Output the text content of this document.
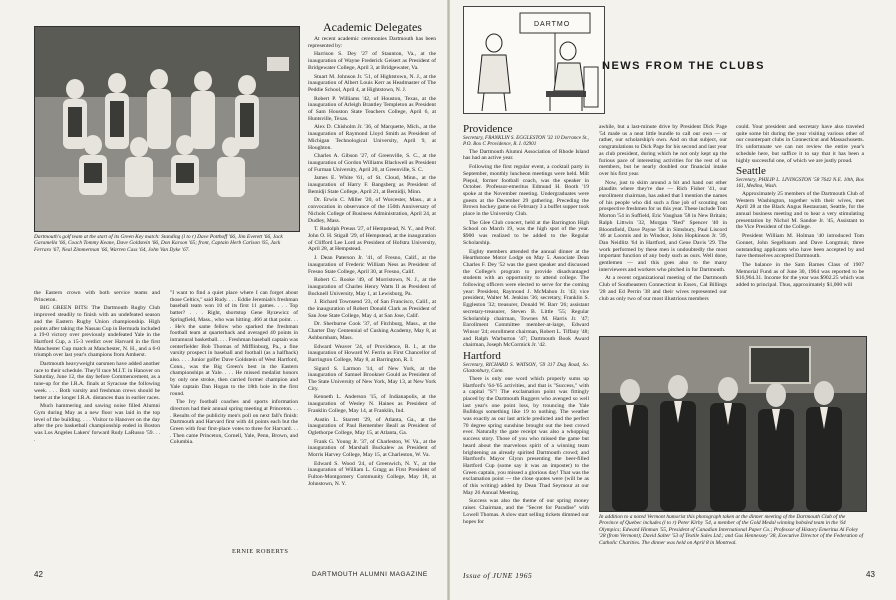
Dartmouth's golf team at the start of its Green Key match: Standing (l to r) Dave Potthoff '66, Jim Everett '66, Jack Garamella '66, Coach Tommy Keane, Dave Goldstein '66, Don Karson '65; front, Captain Herb Carlson '65, Jack Ferraro '67, Neal Zimmerman '66, Warren Cass '64, John Van Dyke '67.

the Eastern crown with both service teams and Princeton.

BIG GREEN BITS: The Dartmouth Rugby Club improved steadily to finish with an undefeated season and the Eastern Rugby Union championship. High points after taking the Nassau Cup in Bermuda included a 19-0 victory over previously undefeated Yale in the Hartford Cup, a 15-3 verdict over Harvard in the first Manchester Cup match at Manchester, N. H., and a 6-0 triumph over last year's champions from Amherst.

Dartmouth heavyweight oarsmen have added another race to their schedule. They'll race M.I.T. in Hanover on Saturday, June 12, the day before Commencement, as a tune-up for the I.R.A. finals at Syracuse the following week. . . . Both varsity and freshman crews should be better at the longer I.R.A. distances than in earlier races.

Much hammering and sawing noise filled Alumni Gym during May as a new floor was laid in the top level of the building. . . . Visitor to Hanover on the day after the pro basketball championship ended in Boston was Los Angeles Lakers' forward Rudy LaRusso '59. . . .

"I want to find a quiet place where I can forget about those Celtics," said Rudy. . . . Eddie Jeremiah's freshman baseball team won 10 of its first 11 games. . . . Top batter? . . . Right, shortstop Gene Ryzewicz of Springfield, Mass., who was hitting .466 at that point. . . . He's the same fellow who sparked the freshman football team at quarterback and averaged 40 points in intramural basketball. . . . Freshman baseball captain was centerfielder Bob Thomas of Mifflinburg, Pa., a fine varsity prospect in baseball and football (as a halfback) also. . . . Junior golfer Dave Goldstein of West Hartford, Conn., was the Big Green's best in the Eastern championships at Yale. . . . He missed medalist honors by only one stroke, then carried former champion and Yale captain Dan Hogan to the 18th hole in the first round.

The Ivy football coaches and sports information directors had their annual spring meeting at Princeton. . . . Results of the publicity men's poll on next fall's finish: Dartmouth and Harvard first with 44 points each but the Green with four first-place votes to three for Harvard. . . . Then came Princeton, Cornell, Yale, Penn, Brown, and Columbia.

ERNIE ROBERTS
Academic Delegates

At recent academic ceremonies Dartmouth has been represented by:

Harrison S. Dey '27 of Staunton, Va., at the inauguration of Wayne Frederick Geisert as President of Bridgewater College, April 3, at Bridgewater, Va.

Stuart M. Johnson Jr. '51, of Hightstown, N. J., at the inauguration of Albert Louis Kerr as Headmaster of The Peddie School, April 4, at Hightstown, N. J.

Robert P. Williams '42, of Houston, Texas, at the inauguration of Arleigh Brantley Templeton as President of Sam Houston State Teachers College, April 6, at Huntsville, Texas.

Alex D. Chisholm Jr. '36, of Marquette, Mich., at the inauguration of Raymond Lloyd Smith as President of Michigan Technological University, April 9, at Houghton.

Charles A. Gibson '27, of Greenville, S. C., at the inauguration of Gordon Williams Blackwell as President of Furman University, April 20, at Greenville, S. C.

James E. White '61, of St. Cloud, Minn., at the inauguration of Harry F. Bangsberg as President of Bemidji State College, April 21, at Bemidji, Minn.

Dr. Erwin C. Miller '20, of Worcester, Mass., at a convocation in observance of the 150th Anniversary of Nichols College of Business Administration, April 24, at Dudley, Mass.

T. Rudolph Preuss '27, of Hempstead, N. Y., and Prof. John O. H. Stigall '29, of Hempstead, at the inauguration of Clifford Lee Lord as President of Hofstra University, April 28, at Hempstead.

J. Dean Paterson Jr. '41, of Fresno, Calif., at the inauguration of Frederic William Ness as President of Fresno State College, April 30, at Fresno, Calif.

Robert C. Rooke '49, of Morristown, N. J., at the inauguration of Charles Henry Watts II as President of Bucknell University, May 1, at Lewisburg, Pa.

J. Richard Townsend '23, of San Francisco, Calif., at the inauguration of Robert Donald Clark as President of San Jose State College, May 4, at San Jose, Calif.

Dr. Sherburne Cook '37, of Fitchburg, Mass., at the Charter Day Centennial of Cushing Academy, May 8, at Ashburnham, Mass.

Edward Weaver '24, of Providence, R. I., at the inauguration of Howard W. Ferrin as First Chancellor of Barrington College, May 8, at Barrington, R. I.

Sigurd S. Larmon '14, of New York, at the inauguration of Samuel Brookner Gould as President of The State University of New York, May 13, at New York City.

Kenneth L. Anderson '15, of Indianapolis, at the inauguration of Wesley N. Haines as President of Franklin College, May 14, at Franklin, Ind.

Austin L. Starrett '29, of Atlanta, Ga., at the inauguration of Paul Remember Beall as President of Oglethorpe College, May 15, at Atlanta, Ga.

Frank G. Young Jr. '37, of Charleston, W. Va., at the inauguration of Marshall Buckalew as President of Morris Harvey College, May 15, at Charleston, W. Va.

Edward S. Wood '24, of Greenwich, N. Y., at the inauguration of William L. Gragg as First President of Fulton-Montgomery Community College, May 18, at Johnstown, N. Y.

42	DARTMOUTH ALUMNI MAGAZINE
DARTMO
NEWS FROM THE CLUBS
Providence
Secretary, FRANKLIN S. EGGLESTON '32 10 Dorrance St., P.O. Box C Providence, R. I. 02901

The Dartmouth Alumni Association of Rhode Island has had an active year.

Following the first regular event, a cocktail party in September, monthly luncheon meetings were held. Milt Piepul, former football coach, was the speaker in October. Professor-emeritus Edmund H. Booth '19 spoke at the November meeting. Undergraduates were guests at the December 29 gathering. Preceding the Brown hockey game on February 3 a buffet supper took place in the University Club.

The Glee Club concert, held at the Barrington High School on March 19, was the high spot of the year. $900 was realized to be added to the Regular Scholarship.

Eighty members attended the annual dinner at the Hearthstone Motor Lodge on May 5. Associate Dean Charles F. Dey '52 was the guest speaker and discussed the College's program to provide disadvantaged students with an opportunity to attend college. The following officers were elected to serve for the coming year: President, Raymond J. McMahon Jr. '43; vice president, Walter M. Jenkins '36; secretary, Franklin S. Eggleston '32; treasurer, Donald W. Barr '26; assistant secretary-treasurer, Steven B. Little '55; Regular Scholarship chairman, Townes M. Harris Jr. '47; Enrollment Committee member-at-large, Edward Winsor '24; enrollment chairman, Robert L. Tiffany '48; and Ralph Warburton '47; Dartmouth Book Award chairman, Joseph McCormick Jr. '42.

Hartford
Secretary, RICHARD S. WATSON, '59 317 Dug Road, So. Glastonbury, Conn.

There is only one word which properly sums up Hartford's '64-'65 activities, and that is "Success," with a capital "S"! The exclamation point was fittingly placed by the Dartmouth Ruggers who avenged so well last year's one point loss, by trouncing the Yale Bulldogs something like 19 to nothing. The weather was exactly as our last article predicted and the perfect 70 degree spring sunshine brought out the best crowd ever. Naturally the gate receipt was also a whopping success story. Those of you who missed the game but heard about the marvelous spirit of a winning team brightening an already spirited Dartmouth crowd; and Hartford's Mayor Glynn presenting the beer-filled Hartford Cup (some say it was an imposter) to the Green captain, you missed a glorious day! That was the exclamation point — the close quotes were (will be as of this writing) added by Dean Thad Seymour at our May 26 Annual Meeting.

Success was also the theme of our spring money raiser. Chairman, and the "Secret for Paradise" with Lowell Thomas. A slow start selling tickets dimmed our hopes for

awhile, but a last-minute drive by President Dick Page '54 made us a neat little bundle to call our own — or rather, our scholarship's own. And on that subject, our congratulations to Dick Page for his second and last year as club president, during which he not only kept up the furious pace of interesting activities for the rest of us members, but he nearly doubled our financial intake over his first year.

Now, just to skim around a bit and hand out other plaudits where they're due — Rich Fisher '41, our enrollment chairman, has asked that I mention the names of his people who did such a fine job of scouting out prospective freshmen for us this year. These include Tom Morton '54 in Suffield, Eric Vaughan '58 in New Britain; Ralph Littwin '32, Morgan "Red" Spencer '40 in Bloomfield, Dave Payne '58 in Simsbury, Paul Liscord '46 at Loomis and in Windsor, John Hopkinson Jr. '39, Dan Neidlitz '64 in Hartford, and Gene Davis '29. The work performed by these men is undoubtedly the most important function of any body such as ours. Well done, gentlemen — and this goes also to the many interviewers and workers who pitched in for Dartmouth.

At a recent organizational meeting of the Dartmouth Club of Southeastern Connecticut in Essex, Cal Billings '28 and Ed Perrin '38 and their wives represented our club as only two of our most illustrious members

could. Your president and secretary have also traveled quite some bit during the year visiting various other of our counterpart clubs in Connecticut and Massachusetts. It's unfortunate we can not review the entire year's schedule here, but suffice it to say that it has been a highly successful one, of which we are justly proud.

Seattle
Secretary, PHILIP L. LIVINGSTON '58 7642 N.E. 10th, Box 161, Medina, Wash.

Approximately 25 members of the Dartmouth Club of Western Washington, together with their wives, met April 28 at the Black Angus Restaurant, Seattle, for the annual business meeting and to hear a very stimulating presentation by Nichol M. Sandoe Jr. '45, Assistant to the Vice President of the College.

President William M. Holman '40 introduced Tom Gonnet, John Segelbaum and Dave Longmuir, three outstanding applicants who have been accepted by and have themselves accepted Dartmouth.

The balance in the Sam Barnes Class of 1907 Memorial Fund as of June 30, 1964 was reported to be $16,964.31. Income for the year was $902.25 which was added to principal. Thus, approximately $1,000 will

In addition to a noted Vermont humorist this photograph taken at the dinner meeting of the Dartmouth Club of the Province of Quebec includes (l to r) Peter Kirby '54, a member of the Gold Medal winning bobsled team in the '64 Olympics; Edward Hinman '55, President of Canadian International Paper Co.; Professor of History Emeritus Al Foley '28 (from Vermont); David Salter '53 of Textile Sales Ltd.; and Gus Hennessey '38, Executive Director of the Federation of Catholic Charities. The dinner was held on April 8 in Montreal.
Issue of JUNE 1965	43
